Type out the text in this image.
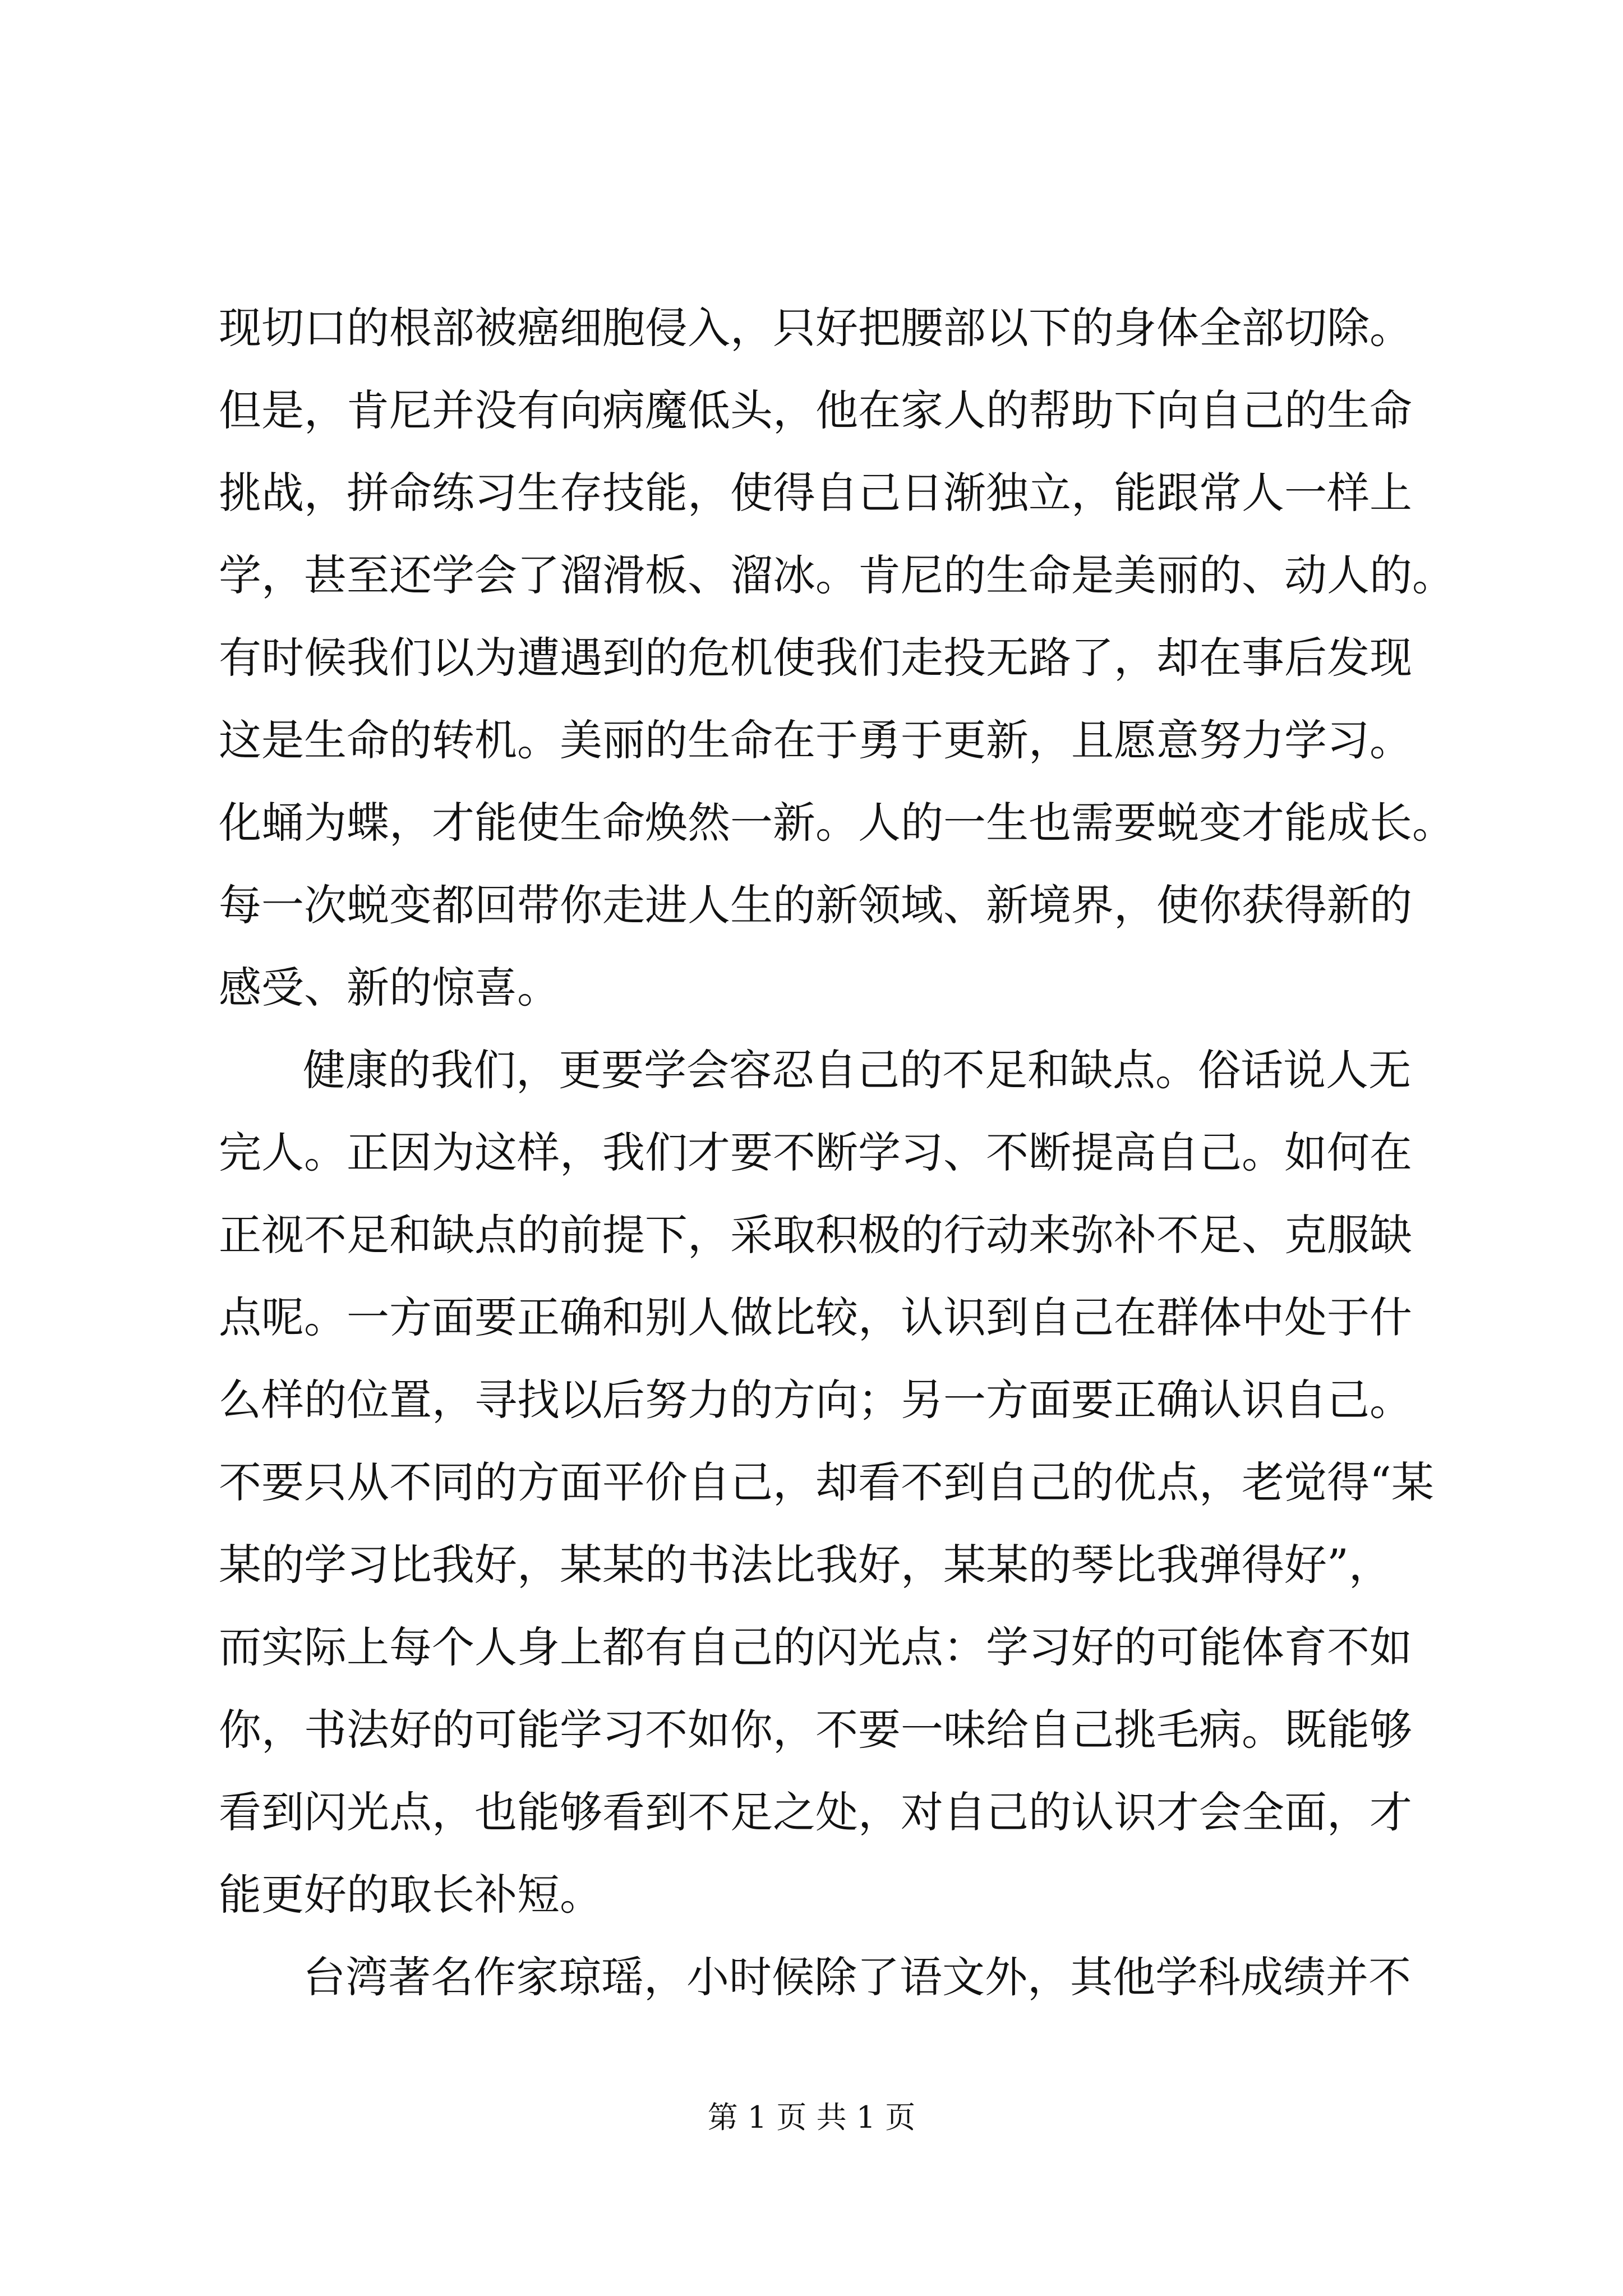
现切口的根部被癌细胞侵入，只好把腰部以下的身体全部切除。
但是，肯尼并没有向病魔低头，他在家人的帮助下向自己的生命
挑战，拼命练习生存技能，使得自己日渐独立，能跟常人一样上
学，甚至还学会了溜滑板、溜冰。肯尼的生命是美丽的、动人的。
有时候我们以为遭遇到的危机使我们走投无路了，却在事后发现
这是生命的转机。美丽的生命在于勇于更新，且愿意努力学习。
化蛹为蝶，才能使生命焕然一新。人的一生也需要蜕变才能成长。
每一次蜕变都回带你走进人生的新领域、新境界，使你获得新的
感受、新的惊喜。
健康的我们，更要学会容忍自己的不足和缺点。俗话说人无
完人。正因为这样，我们才要不断学习、不断提高自己。如何在
正视不足和缺点的前提下，采取积极的行动来弥补不足、克服缺
点呢。一方面要正确和别人做比较，认识到自己在群体中处于什
么样的位置，寻找以后努力的方向；另一方面要正确认识自己。
不要只从不同的方面平价自己，却看不到自己的优点，老觉得“某
某的学习比我好，某某的书法比我好，某某的琴比我弹得好”，
而实际上每个人身上都有自己的闪光点：学习好的可能体育不如
你，书法好的可能学习不如你，不要一味给自己挑毛病。既能够
看到闪光点，也能够看到不足之处，对自己的认识才会全面，才
能更好的取长补短。
台湾著名作家琼瑶，小时候除了语文外，其他学科成绩并不
第 1 页 共 1 页
